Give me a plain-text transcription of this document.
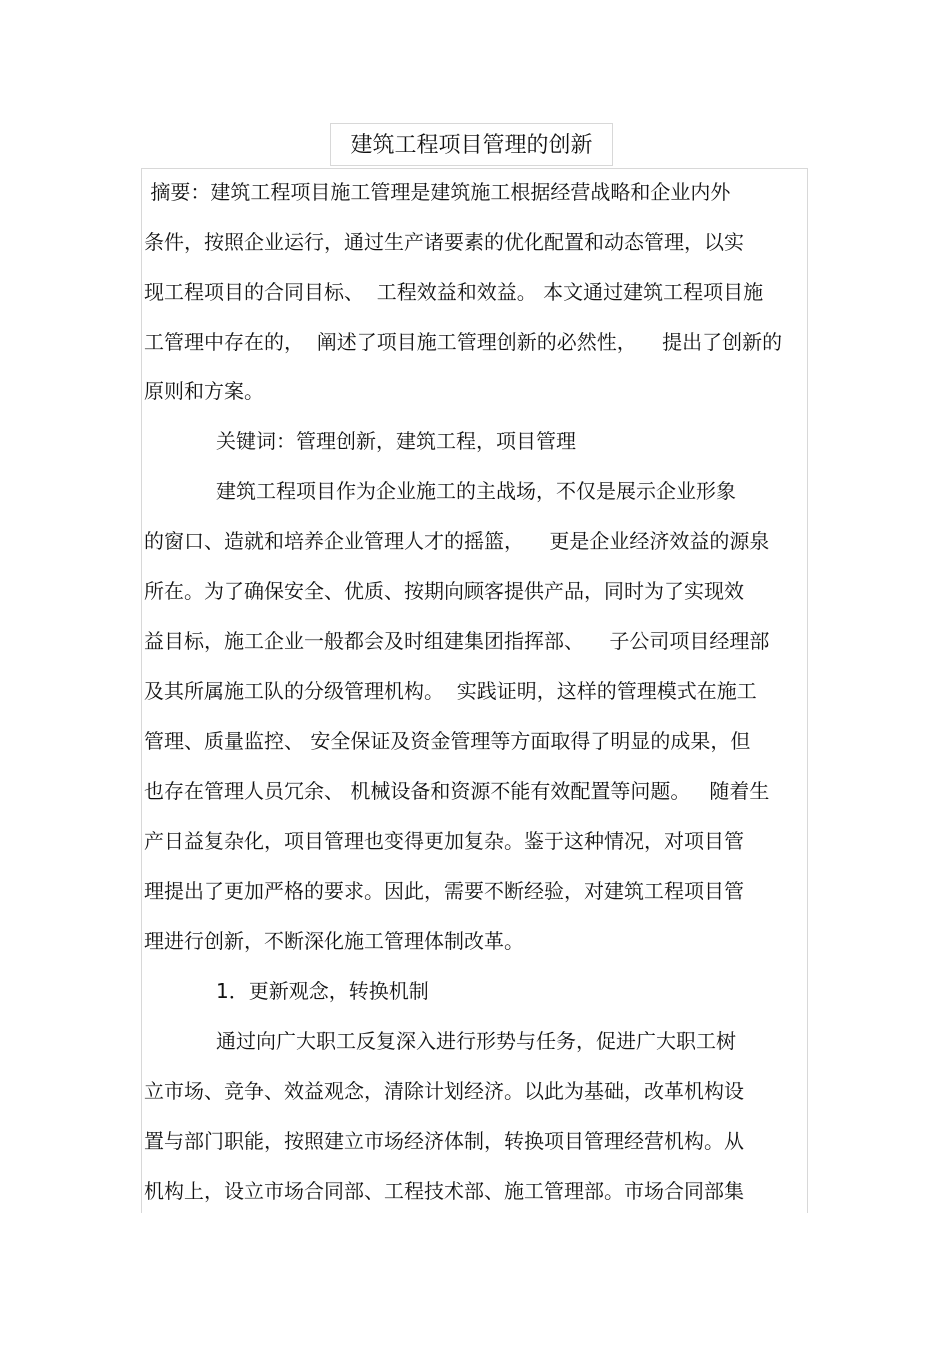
建筑工程项目管理的创新
摘要：建筑工程项目施工管理是建筑施工根据经营战略和企业内外
条件，按照企业运行，通过生产诸要素的优化配置和动态管理，以实
现工程项目的合同目标、  工程效益和效益。 本文通过建筑工程项目施
工管理中存在的，  阐述了项目施工管理创新的必然性，    提出了创新的
原则和方案。
关键词：管理创新，建筑工程，项目管理
建筑工程项目作为企业施工的主战场，不仅是展示企业形象
的窗口、造就和培养企业管理人才的摇篮，    更是企业经济效益的源泉
所在。为了确保安全、优质、按期向顾客提供产品，同时为了实现效
益目标，施工企业一般都会及时组建集团指挥部、    子公司项目经理部
及其所属施工队的分级管理机构。  实践证明，这样的管理模式在施工
管理、质量监控、 安全保证及资金管理等方面取得了明显的成果，但
也存在管理人员冗余、 机械设备和资源不能有效配置等问题。   随着生
产日益复杂化，项目管理也变得更加复杂。鉴于这种情况，对项目管
理提出了更加严格的要求。因此，需要不断经验，对建筑工程项目管
理进行创新，不断深化施工管理体制改革。
1．更新观念，转换机制
通过向广大职工反复深入进行形势与任务，促进广大职工树
立市场、竞争、效益观念，清除计划经济。以此为基础，改革机构设
置与部门职能，按照建立市场经济体制，转换项目管理经营机构。从
机构上，设立市场合同部、工程技术部、施工管理部。市场合同部集
